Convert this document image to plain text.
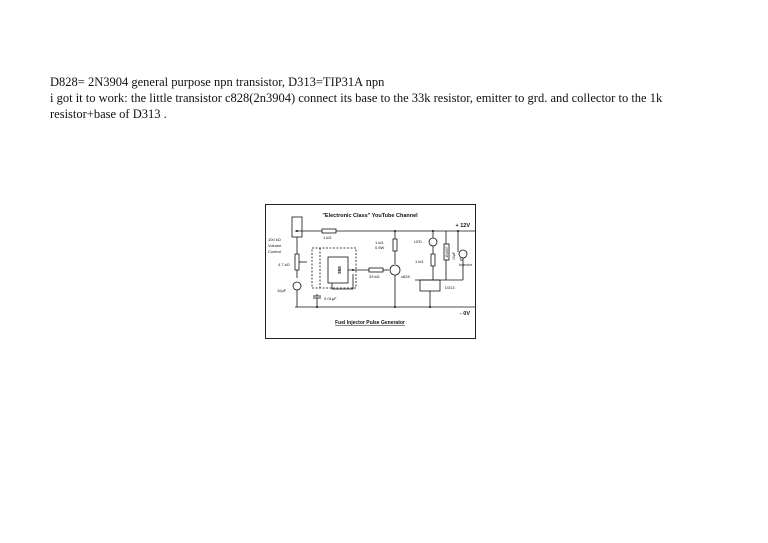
D828= 2N3904 general purpose npn transistor, D313=TIP31A npn
i got it to work: the little transistor c828(2n3904) connect its base to the 33k resistor, emitter to grd. and collector to the 1k
resistor+base of D313 .
"Electronic Class" YouTube Channel
+ 12V
- 0V
1 kΩ
100 kΩ
Volume
Control
4.7 kΩ
10µF
555
0.01µF
1 kΩ
0.5W
33 kΩ	c828
LED
1 kΩ
1N4007 10µF To
Injector
D313
Fuel Injector Pulse Generator
